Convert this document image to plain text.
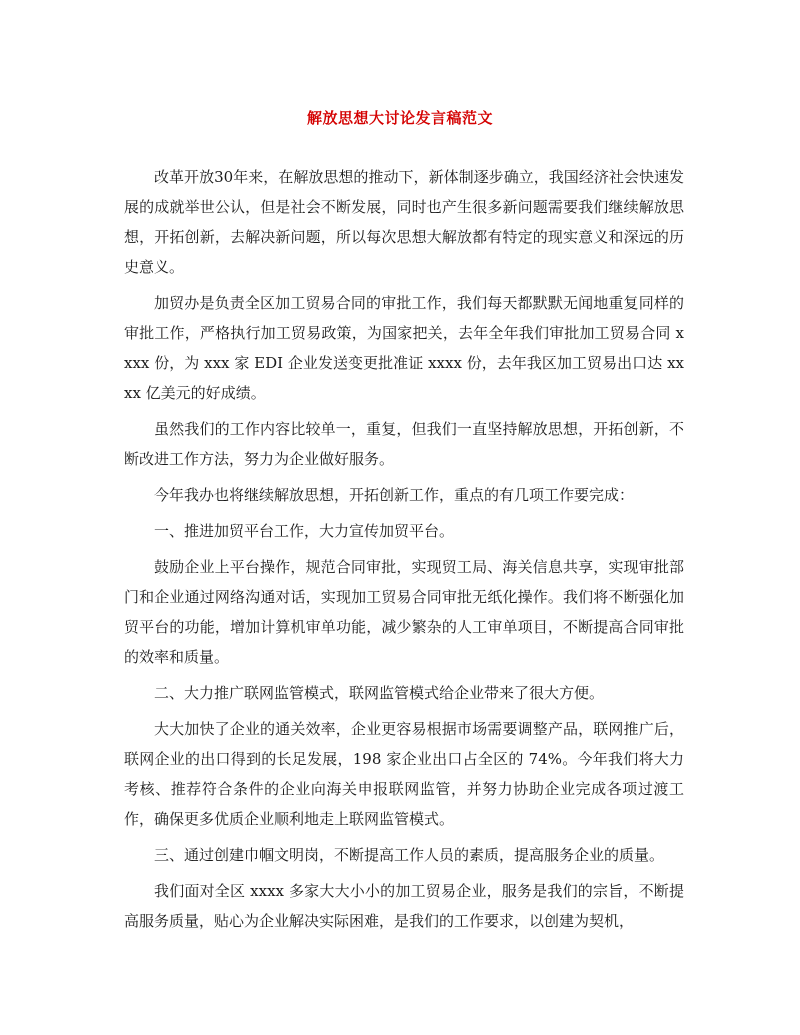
解放思想大讨论发言稿范文

改革开放30年来，在解放思想的推动下，新体制逐步确立，我国经济社会快速发展的成就举世公认，但是社会不断发展，同时也产生很多新问题需要我们继续解放思想，开拓创新，去解决新问题，所以每次思想大解放都有特定的现实意义和深远的历史意义。

加贸办是负责全区加工贸易合同的审批工作，我们每天都默默无闻地重复同样的审批工作，严格执行加工贸易政策，为国家把关，去年全年我们审批加工贸易合同 xxxx 份，为 xxx 家 EDI 企业发送变更批准证 xxxx 份，去年我区加工贸易出口达 xxxx 亿美元的好成绩。

虽然我们的工作内容比较单一，重复，但我们一直坚持解放思想，开拓创新，不断改进工作方法，努力为企业做好服务。

今年我办也将继续解放思想，开拓创新工作，重点的有几项工作要完成：

一、推进加贸平台工作，大力宣传加贸平台。

鼓励企业上平台操作，规范合同审批，实现贸工局、海关信息共享，实现审批部门和企业通过网络沟通对话，实现加工贸易合同审批无纸化操作。我们将不断强化加贸平台的功能，增加计算机审单功能，减少繁杂的人工审单项目，不断提高合同审批的效率和质量。

二、大力推广联网监管模式，联网监管模式给企业带来了很大方便。

大大加快了企业的通关效率，企业更容易根据市场需要调整产品，联网推广后，联网企业的出口得到的长足发展，198 家企业出口占全区的 74%。今年我们将大力考核、推荐符合条件的企业向海关申报联网监管，并努力协助企业完成各项过渡工作，确保更多优质企业顺利地走上联网监管模式。

三、通过创建巾帼文明岗，不断提高工作人员的素质，提高服务企业的质量。

我们面对全区 xxxx 多家大大小小的加工贸易企业，服务是我们的宗旨，不断提高服务质量，贴心为企业解决实际困难，是我们的工作要求，以创建为契机，
